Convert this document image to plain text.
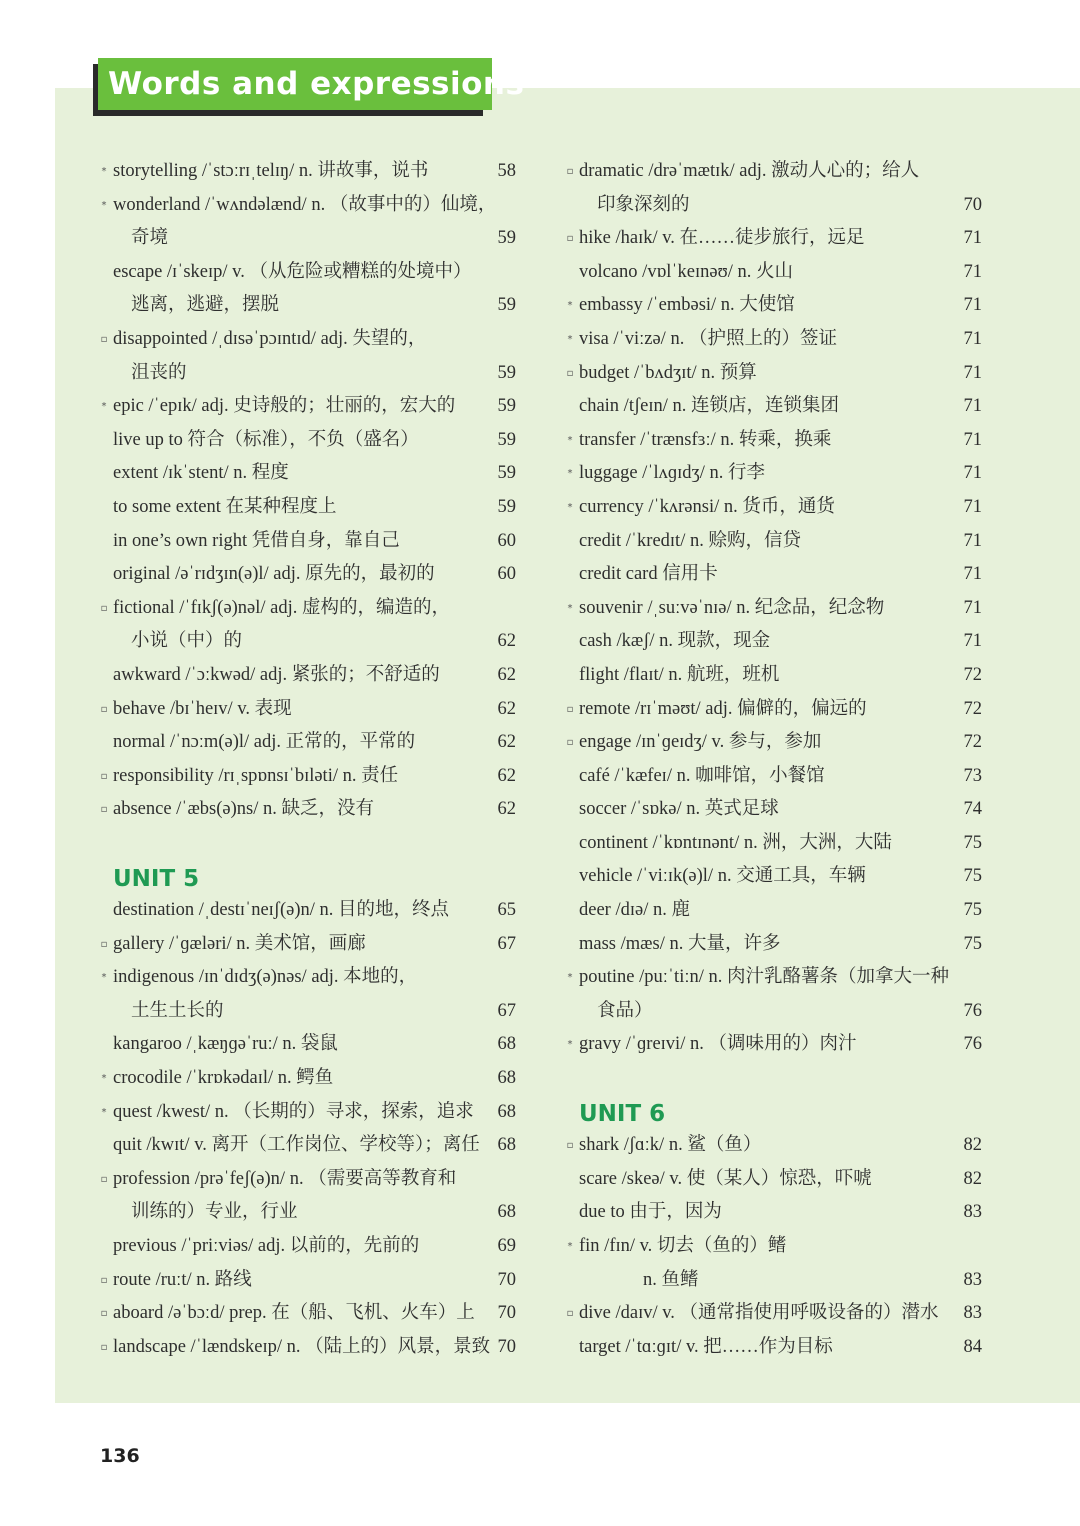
Words and expressions
* storytelling /ˈstɔːrɪˌtelɪŋ/ n. 讲故事，说书	58
* wonderland /ˈwʌndəlænd/ n. （故事中的）仙境，
奇境	59
escape /ɪˈskeɪp/ v. （从危险或糟糕的处境中）
逃离，逃避，摆脱	59
▫ disappointed /ˌdɪsəˈpɔɪntɪd/ adj. 失望的，
沮丧的	59
* epic /ˈepɪk/ adj. 史诗般的；壮丽的，宏大的 59
live up to 符合（标准），不负（盛名）	59
extent /ɪkˈstent/ n. 程度	59
to some extent 在某种程度上	59
in one’s own right 凭借自身，靠自己	60
original /əˈrɪdʒɪn(ə)l/ adj. 原先的，最初的	60
▫ fictional /ˈfɪkʃ(ə)nəl/ adj. 虚构的，编造的，
小说（中）的	62
awkward /ˈɔːkwəd/ adj. 紧张的；不舒适的	62
▫ behave /bɪˈheɪv/ v. 表现	62
normal /ˈnɔːm(ə)l/ adj. 正常的，平常的	62
▫ responsibility /rɪˌspɒnsɪˈbɪləti/ n. 责任	62
▫ absence /ˈæbs(ə)ns/ n. 缺乏，没有	62
UNIT 5
destination /ˌdestɪˈneɪʃ(ə)n/ n. 目的地，终点	65
▫ gallery /ˈɡæləri/ n. 美术馆，画廊	67
* indigenous /ɪnˈdɪdʒ(ə)nəs/ adj. 本地的，
土生土长的	67
kangaroo /ˌkæŋɡəˈruː/ n. 袋鼠	68
* crocodile /ˈkrɒkədaɪl/ n. 鳄鱼	68
* quest /kwest/ n. （长期的）寻求，探索，追求 68
quit /kwɪt/ v. 离开（工作岗位、学校等）；离任 68
▫ profession /prəˈfeʃ(ə)n/ n. （需要高等教育和
训练的）专业，行业	68
previous /ˈpriːviəs/ adj. 以前的，先前的	69
▫ route /ruːt/ n. 路线	70
▫ aboard /əˈbɔːd/ prep. 在（船、飞机、火车）上 70
▫ landscape /ˈlændskeɪp/ n. （陆上的）风景，景致 70
▫ dramatic /drəˈmætɪk/ adj. 激动人心的；给人
印象深刻的	70
▫ hike /haɪk/ v. 在……徒步旅行，远足	71
volcano /vɒlˈkeɪnəʊ/ n. 火山	71
* embassy /ˈembəsi/ n. 大使馆	71
* visa /ˈviːzə/ n. （护照上的）签证	71
▫ budget /ˈbʌdʒɪt/ n. 预算	71
chain /tʃeɪn/ n. 连锁店，连锁集团	71
* transfer /ˈtrænsfɜː/ n. 转乘，换乘	71
* luggage /ˈlʌɡɪdʒ/ n. 行李	71
* currency /ˈkʌrənsi/ n. 货币，通货	71
credit /ˈkredɪt/ n. 赊购，信贷	71
credit card 信用卡	71
* souvenir /ˌsuːvəˈnɪə/ n. 纪念品，纪念物	71
cash /kæʃ/ n. 现款，现金	71
flight /flaɪt/ n. 航班，班机	72
▫ remote /rɪˈməʊt/ adj. 偏僻的，偏远的	72
▫ engage /ɪnˈɡeɪdʒ/ v. 参与，参加	72
café /ˈkæfeɪ/ n. 咖啡馆，小餐馆	73
soccer /ˈsɒkə/ n. 英式足球	74
continent /ˈkɒntɪnənt/ n. 洲，大洲，大陆	75
vehicle /ˈviːɪk(ə)l/ n. 交通工具，车辆	75
deer /dɪə/ n. 鹿	75
mass /mæs/ n. 大量，许多	75
* poutine /puːˈtiːn/ n. 肉汁乳酪薯条（加拿大一种
食品）	76
* gravy /ˈɡreɪvi/ n. （调味用的）肉汁	76
UNIT 6
▫ shark /ʃɑːk/ n. 鲨（鱼）	82
scare /skeə/ v. 使（某人）惊恐，吓唬	82
due to 由于，因为	83
* fin /fɪn/ v. 切去（鱼的）鳍
n. 鱼鳍	83
▫ dive /daɪv/ v. （通常指使用呼吸设备的）潜水 83
target /ˈtɑːɡɪt/ v. 把……作为目标	84
136
